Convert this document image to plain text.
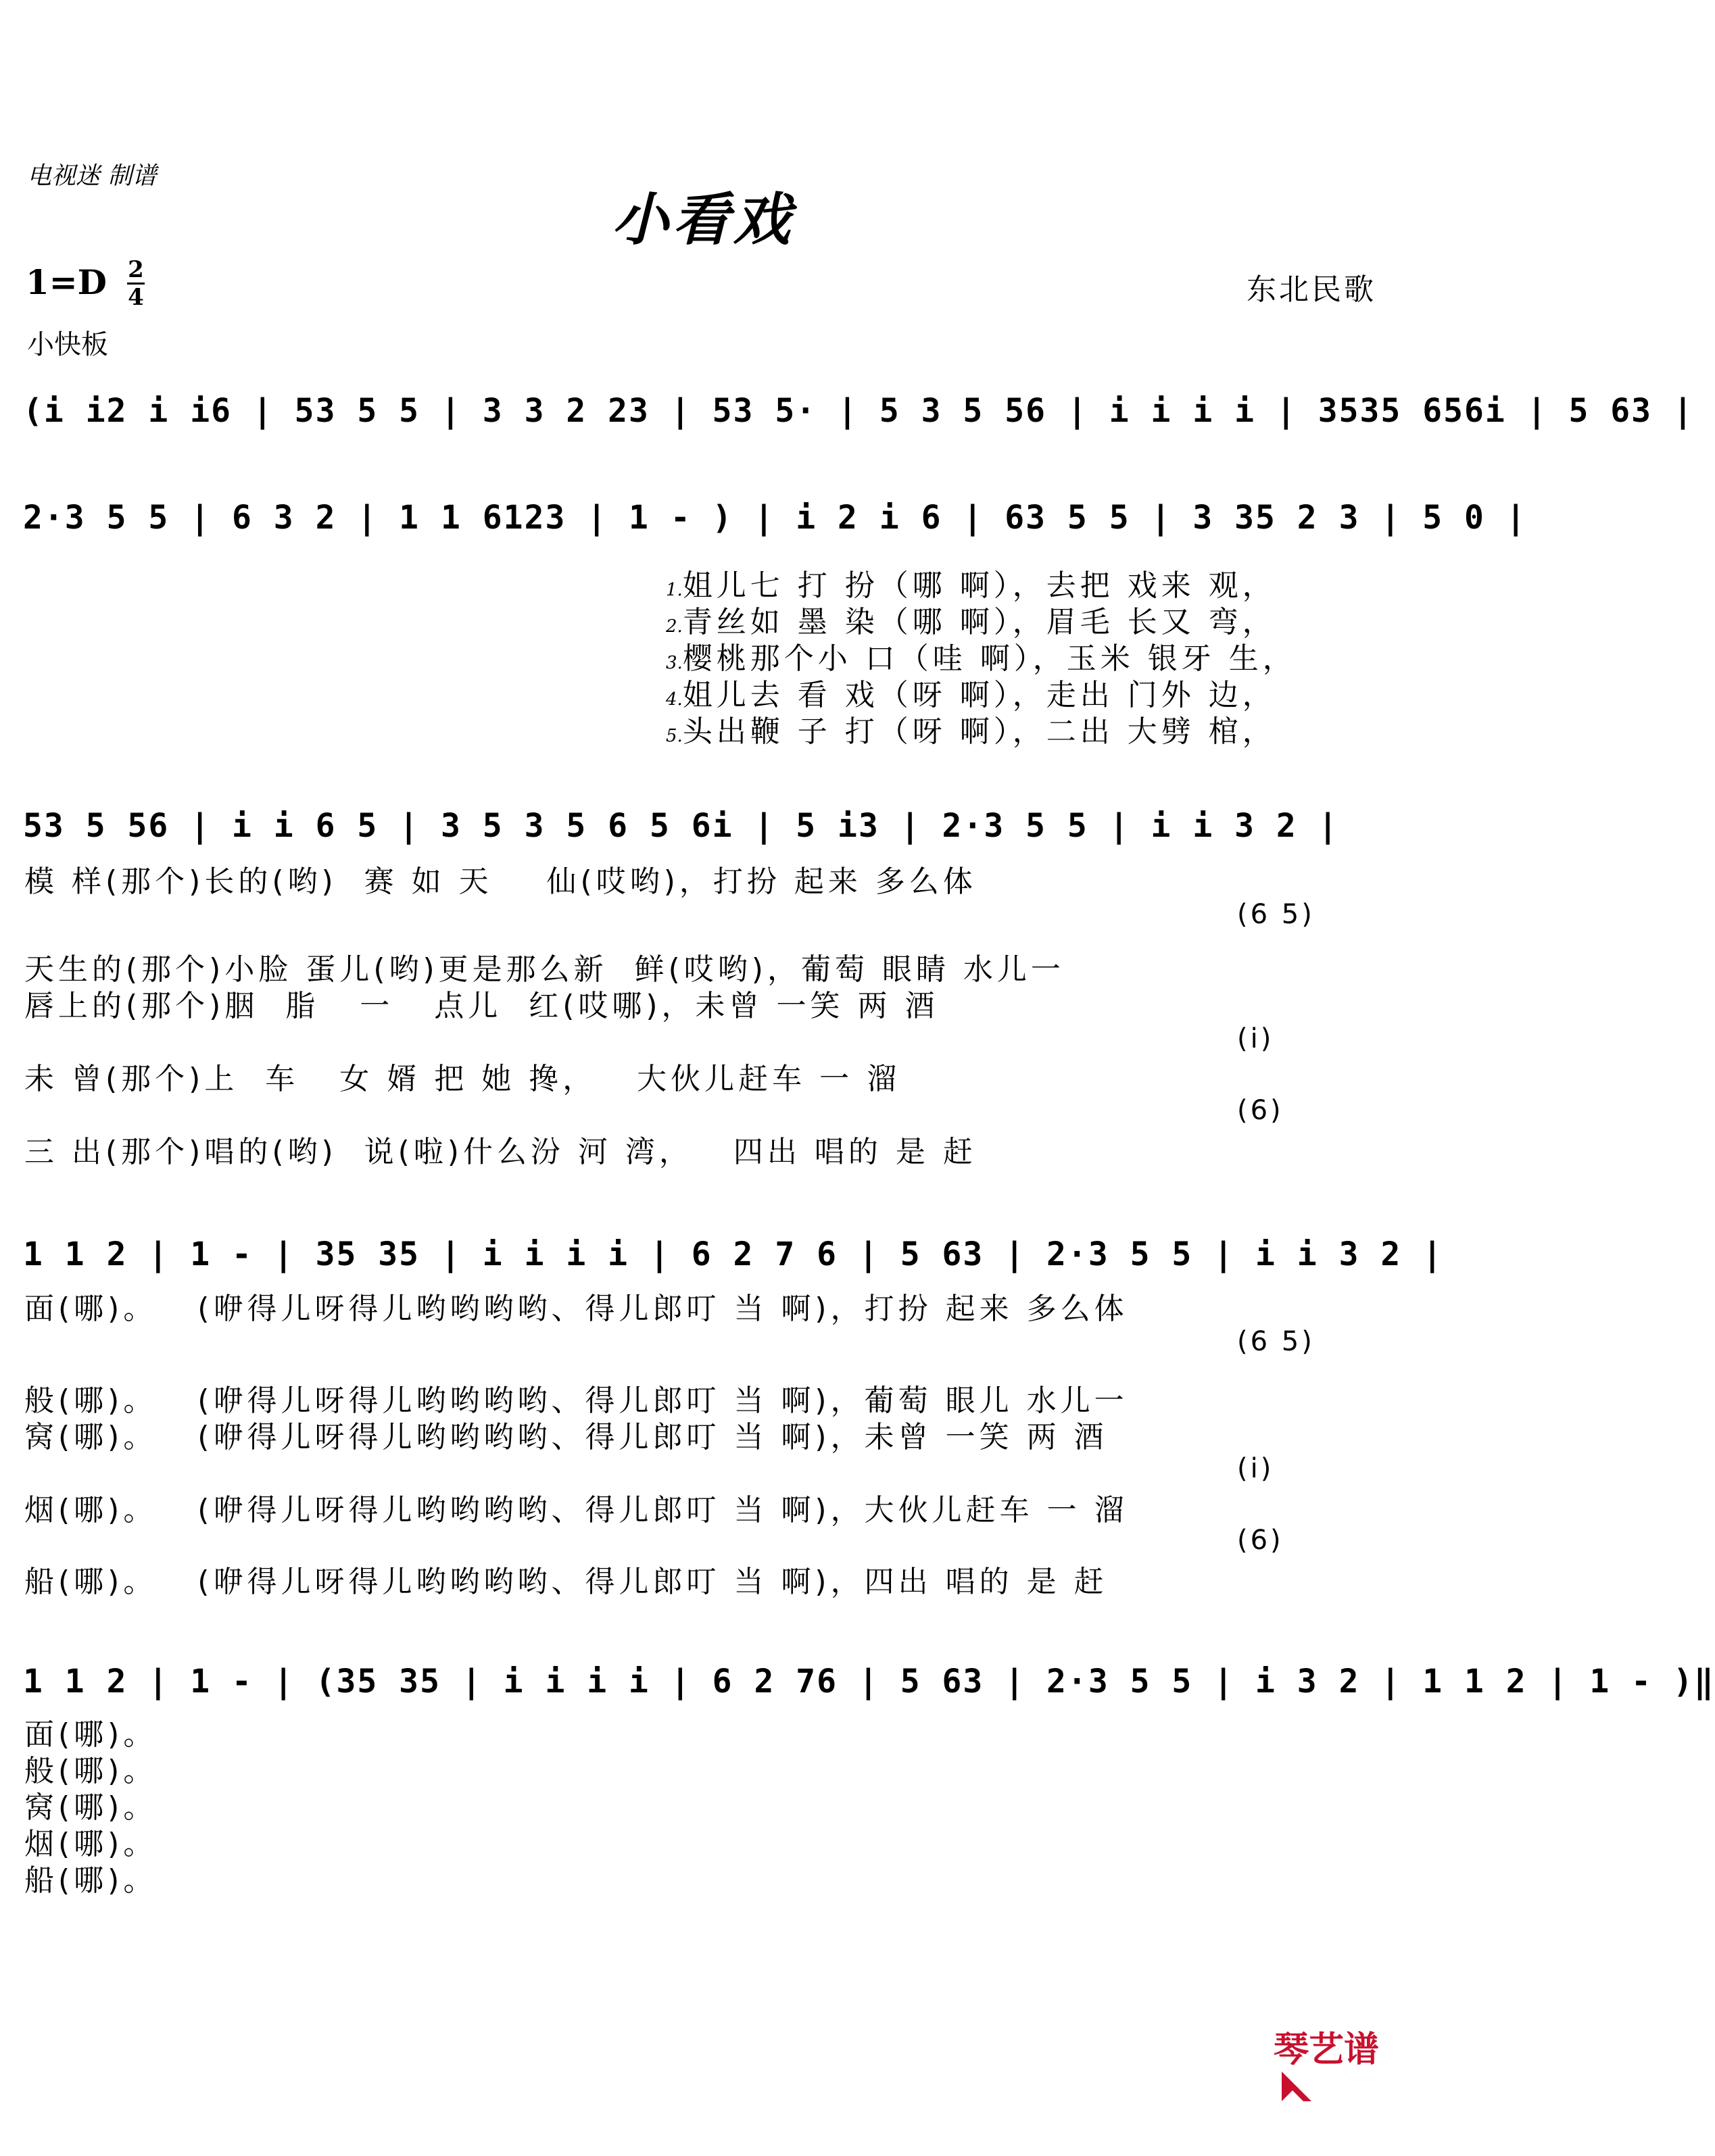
电视迷 制谱
小看戏
1=D 2
4	东北民歌
小快板
(i i2 i i6 | 53 5 5 | 3 3 2 23 | 53 5· | 5 3 5 56 | i i i i | 3535 656i | 5 63 |
2·3 5 5 | 6 3 2 | 1 1 6123 | 1 - ) | i 2 i 6 | 63 5 5 | 3 35 2 3 | 5 0 |
1.姐儿七 打 扮（哪 啊），去把 戏来 观，
2.青丝如 墨 染（哪 啊），眉毛 长又 弯，
3.樱桃那个小 口（哇 啊），玉米 银牙 生，
4.姐儿去 看 戏（呀 啊），走出 门外 边，
5.头出鞭 子 打（呀 啊），二出 大劈 棺，
53 5 56 | i i 6 5 | 3 5 3 5 6 5 6i | 5 i3 | 2·3 5 5 | i i 3 2 |
模 样(那个)长的(哟)  赛 如 天    仙(哎哟)，打扮 起来 多么体
(6 5)
天生的(那个)小脸 蛋儿(哟)更是那么新  鲜(哎哟)，葡萄 眼睛 水儿一
唇上的(那个)胭  脂   一   点儿  红(哎哪)，未曾 一笑 两 酒
(i)
未 曾(那个)上  车   女 婿 把 她 搀，   大伙儿赶车 一 溜
(6)
三 出(那个)唱的(哟)  说(啦)什么汾 河 湾，   四出 唱的 是 赶
1 1 2 | 1 - | 35 35 | i i i i | 6 2 7 6 | 5 63 | 2·3 5 5 | i i 3 2 |
面(哪)。   (咿得儿呀得儿哟哟哟哟、得儿郎叮 当 啊)，打扮 起来 多么体
(6 5)
般(哪)。   (咿得儿呀得儿哟哟哟哟、得儿郎叮 当 啊)，葡萄 眼儿 水儿一
窝(哪)。   (咿得儿呀得儿哟哟哟哟、得儿郎叮 当 啊)，未曾 一笑 两 酒
(i)
烟(哪)。   (咿得儿呀得儿哟哟哟哟、得儿郎叮 当 啊)，大伙儿赶车 一 溜
(6)
船(哪)。   (咿得儿呀得儿哟哟哟哟、得儿郎叮 当 啊)，四出 唱的 是 赶
1 1 2 | 1 - | (35 35 | i i i i | 6 2 76 | 5 63 | 2·3 5 5 | i 3 2 | 1 1 2 | 1 - )‖
面(哪)。
般(哪)。
窝(哪)。
烟(哪)。
船(哪)。

琴艺谱
